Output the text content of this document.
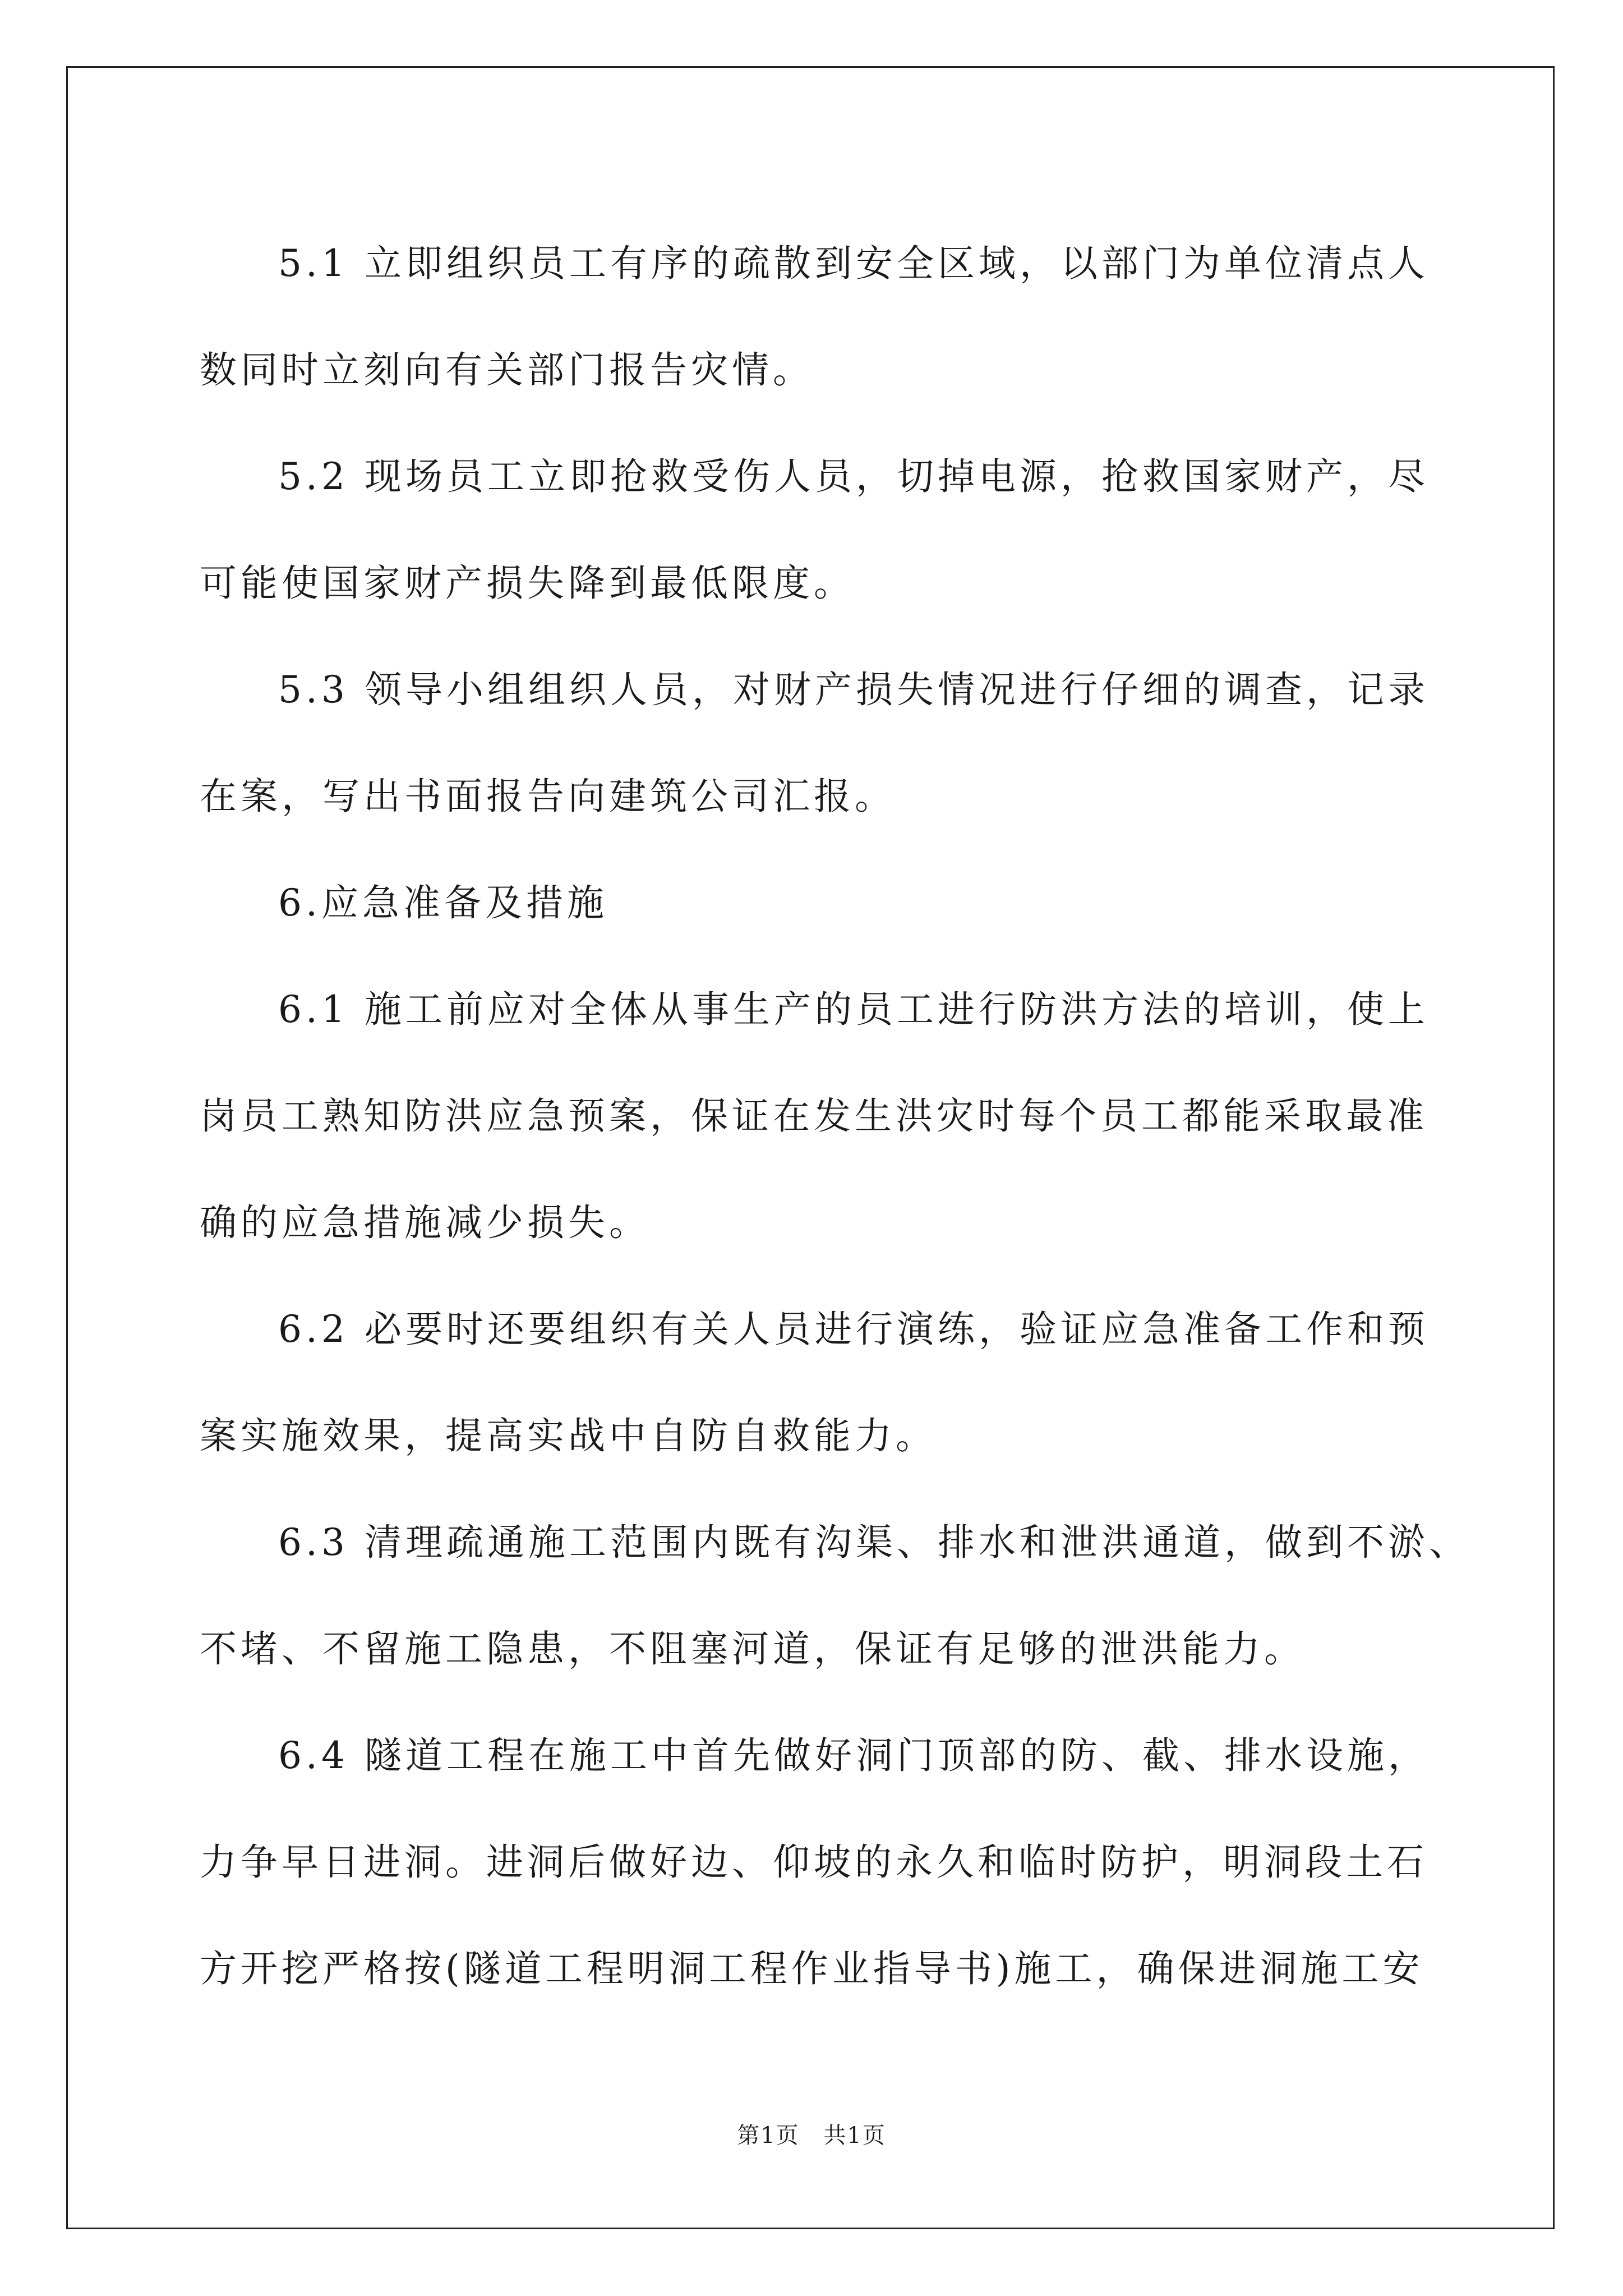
5.1 立即组织员工有序的疏散到安全区域，以部门为单位清点人
数同时立刻向有关部门报告灾情。

5.2 现场员工立即抢救受伤人员，切掉电源，抢救国家财产，尽
可能使国家财产损失降到最低限度。

5.3 领导小组组织人员，对财产损失情况进行仔细的调查，记录
在案，写出书面报告向建筑公司汇报。

6.应急准备及措施

6.1 施工前应对全体从事生产的员工进行防洪方法的培训，使上
岗员工熟知防洪应急预案，保证在发生洪灾时每个员工都能采取最准
确的应急措施减少损失。

6.2 必要时还要组织有关人员进行演练，验证应急准备工作和预
案实施效果，提高实战中自防自救能力。

6.3 清理疏通施工范围内既有沟渠、排水和泄洪通道，做到不淤、
不堵、不留施工隐患，不阻塞河道，保证有足够的泄洪能力。

6.4 隧道工程在施工中首先做好洞门顶部的防、截、排水设施，
力争早日进洞。进洞后做好边、仰坡的永久和临时防护，明洞段土石
方开挖严格按(隧道工程明洞工程作业指导书)施工，确保进洞施工安

第1页 共1页
